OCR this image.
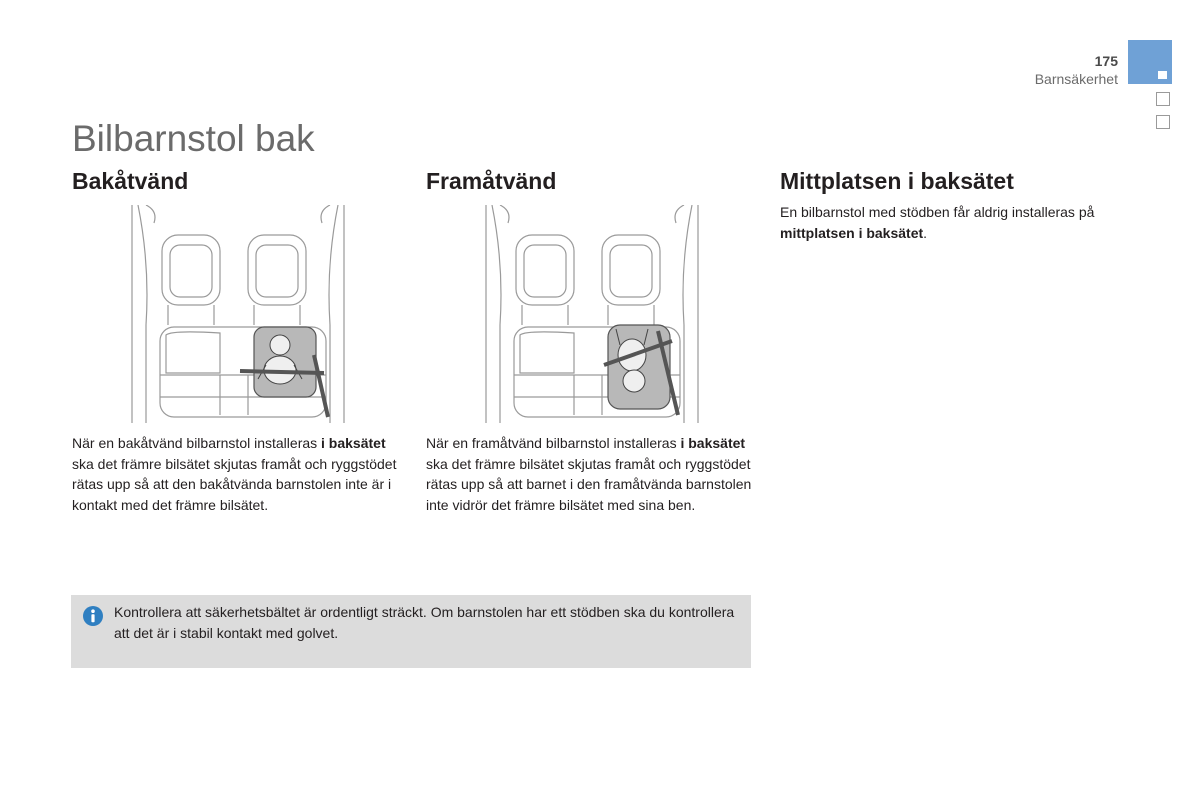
175
Barnsäkerhet
Bilbarnstol bak
Bakåtvänd	Framåtvänd	Mittplatsen i baksätet

När en bakåtvänd bilbarnstol installeras i baksätet ska det främre bilsätet skjutas framåt och ryggstödet rätas upp så att den bakåtvända barnstolen inte är i kontakt med det främre bilsätet.

När en framåtvänd bilbarnstol installeras i baksätet ska det främre bilsätet skjutas framåt och ryggstödet rätas upp så att barnet i den framåtvända barnstolen inte vidrör det främre bilsätet med sina ben.

En bilbarnstol med stödben får aldrig installeras på mittplatsen i baksätet.

Kontrollera att säkerhetsbältet är ordentligt sträckt. Om barnstolen har ett stödben ska du kontrollera att det är i stabil kontakt med golvet.
